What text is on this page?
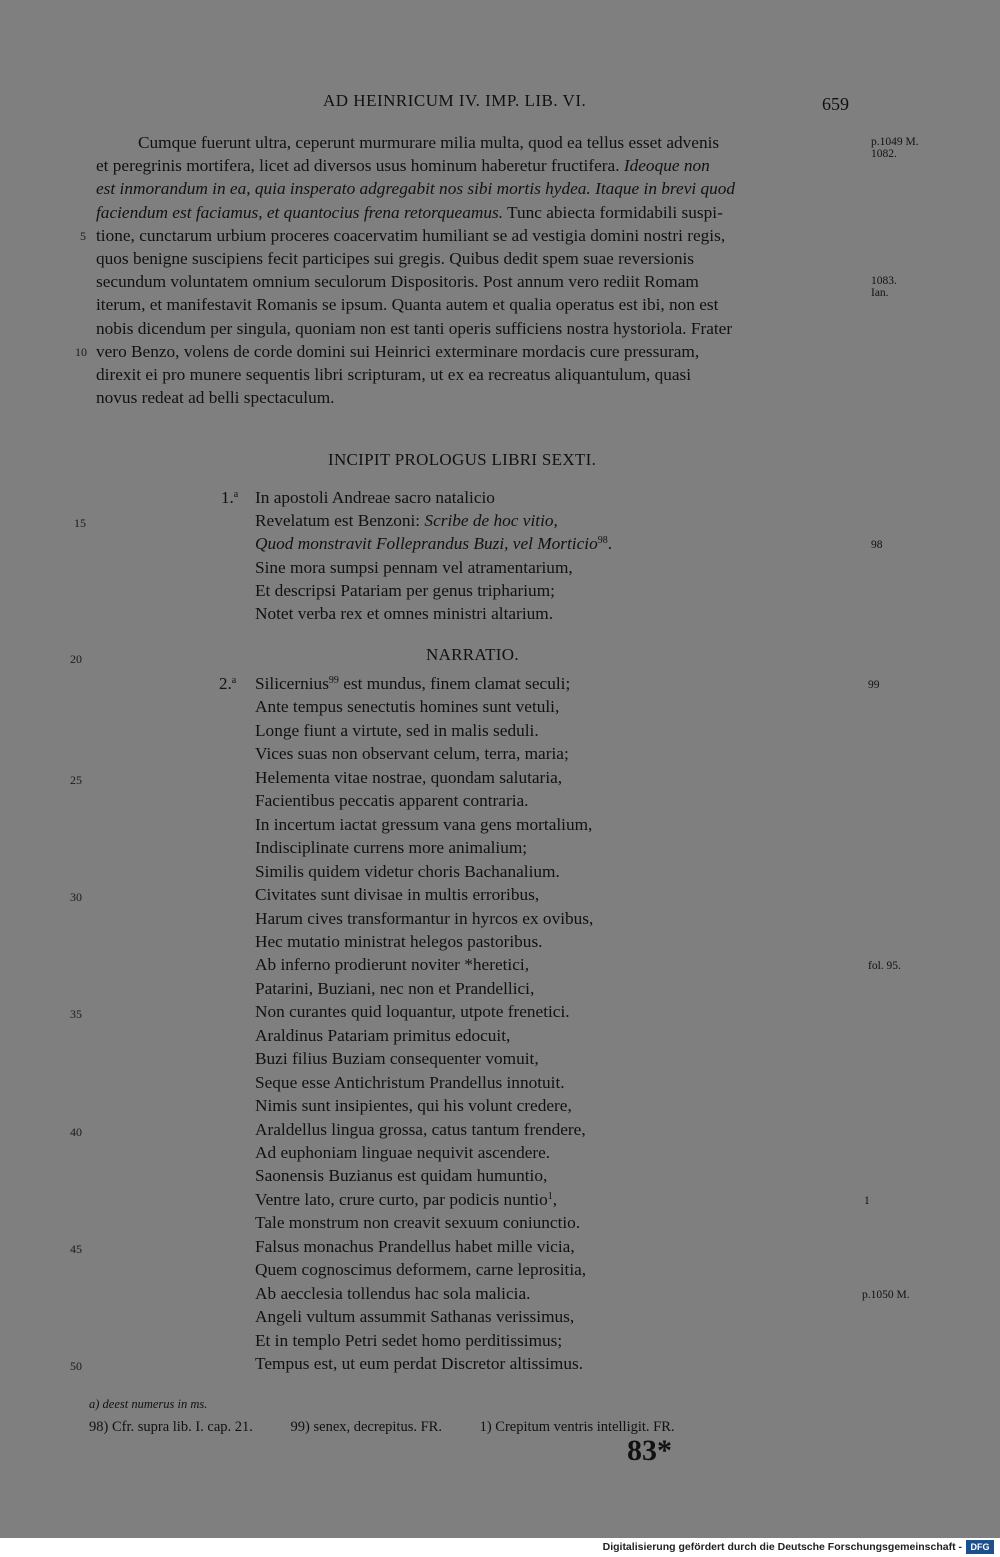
AD HEINRICUM IV. IMP. LIB. VI.	659
Cumque fuerunt ultra, ceperunt murmurare milia multa, quod ea tellus esset advenis
et peregrinis mortifera, licet ad diversos usus hominum haberetur fructifera. Ideoque non
est inmorandum in ea, quia insperato adgregabit nos sibi mortis hydea. Itaque in brevi quod
faciendum est faciamus, et quantocius frena retorqueamus. Tunc abiecta formidabili suspi-
tione, cunctarum urbium proceres coacervatim humiliant se ad vestigia domini nostri regis,
quos benigne suscipiens fecit participes sui gregis. Quibus dedit spem suae reversionis
secundum voluntatem omnium seculorum Dispositoris. Post annum vero rediit Romam
iterum, et manifestavit Romanis se ipsum. Quanta autem et qualia operatus est ibi, non est
nobis dicendum per singula, quoniam non est tanti operis sufficiens nostra hystoriola. Frater
vero Benzo, volens de corde domini sui Heinrici exterminare mordacis cure pressuram,
direxit ei pro munere sequentis libri scripturam, ut ex ea recreatus aliquantulum, quasi
novus redeat ad belli spectaculum.
5
10
p.1049 M.
1082.
1083.
Ian.
INCIPIT PROLOGUS LIBRI SEXTI.
1.$^a$ In apostoli Andreae sacro natalicio
Revelatum est Benzoni: Scribe de hoc vitio,
Quod monstravit Folleprandus Buzi, vel Morticio$^{98}$.
Sine mora sumpsi pennam vel atramentarium,
Et descripsi Patariam per genus tripharium;
Notet verba rex et omnes ministri altarium.
15
98
NARRATIO.
20
2.$^a$ Silicernius$^{99}$ est mundus, finem clamat seculi;
Ante tempus senectutis homines sunt vetuli,
Longe fiunt a virtute, sed in malis seduli.
Vices suas non observant celum, terra, maria;
Helementa vitae nostrae, quondam salutaria,
Facientibus peccatis apparent contraria.
In incertum iactat gressum vana gens mortalium,
Indisciplinate currens more animalium;
Similis quidem videtur choris Bachanalium.
Civitates sunt divisae in multis erroribus,
Harum cives transformantur in hyrcos ex ovibus,
Hec mutatio ministrat helegos pastoribus.
Ab inferno prodierunt noviter *heretici,
Patarini, Buziani, nec non et Prandellici,
Non curantes quid loquantur, utpote frenetici.
Araldinus Patariam primitus edocuit,
Buzi filius Buziam consequenter vomuit,
Seque esse Antichristum Prandellus innotuit.
Nimis sunt insipientes, qui his volunt credere,
Araldellus lingua grossa, catus tantum frendere,
Ad euphoniam linguae nequivit ascendere.
Saonensis Buzianus est quidam humuntio,
Ventre lato, crure curto, par podicis nuntio$^1$,
Tale monstrum non creavit sexuum coniunctio.
Falsus monachus Prandellus habet mille vicia,
Quem cognoscimus deformem, carne leprositia,
Ab aecclesia tollendus hac sola malicia.
Angeli vultum assummit Sathanas verissimus,
Et in templo Petri sedet homo perditissimus;
Tempus est, ut eum perdat Discretor altissimus.
25
30
35
40
45
50
99
fol. 95.
1
p.1050 M.
a) deest numerus in ms.
98) Cfr. supra lib. I. cap. 21.	99) senex, decrepitus. FR.	1) Crepitum ventris intelligit. FR.
83*
Digitalisierung gefördert durch die Deutsche Forschungsgemeinschaft - DFG
